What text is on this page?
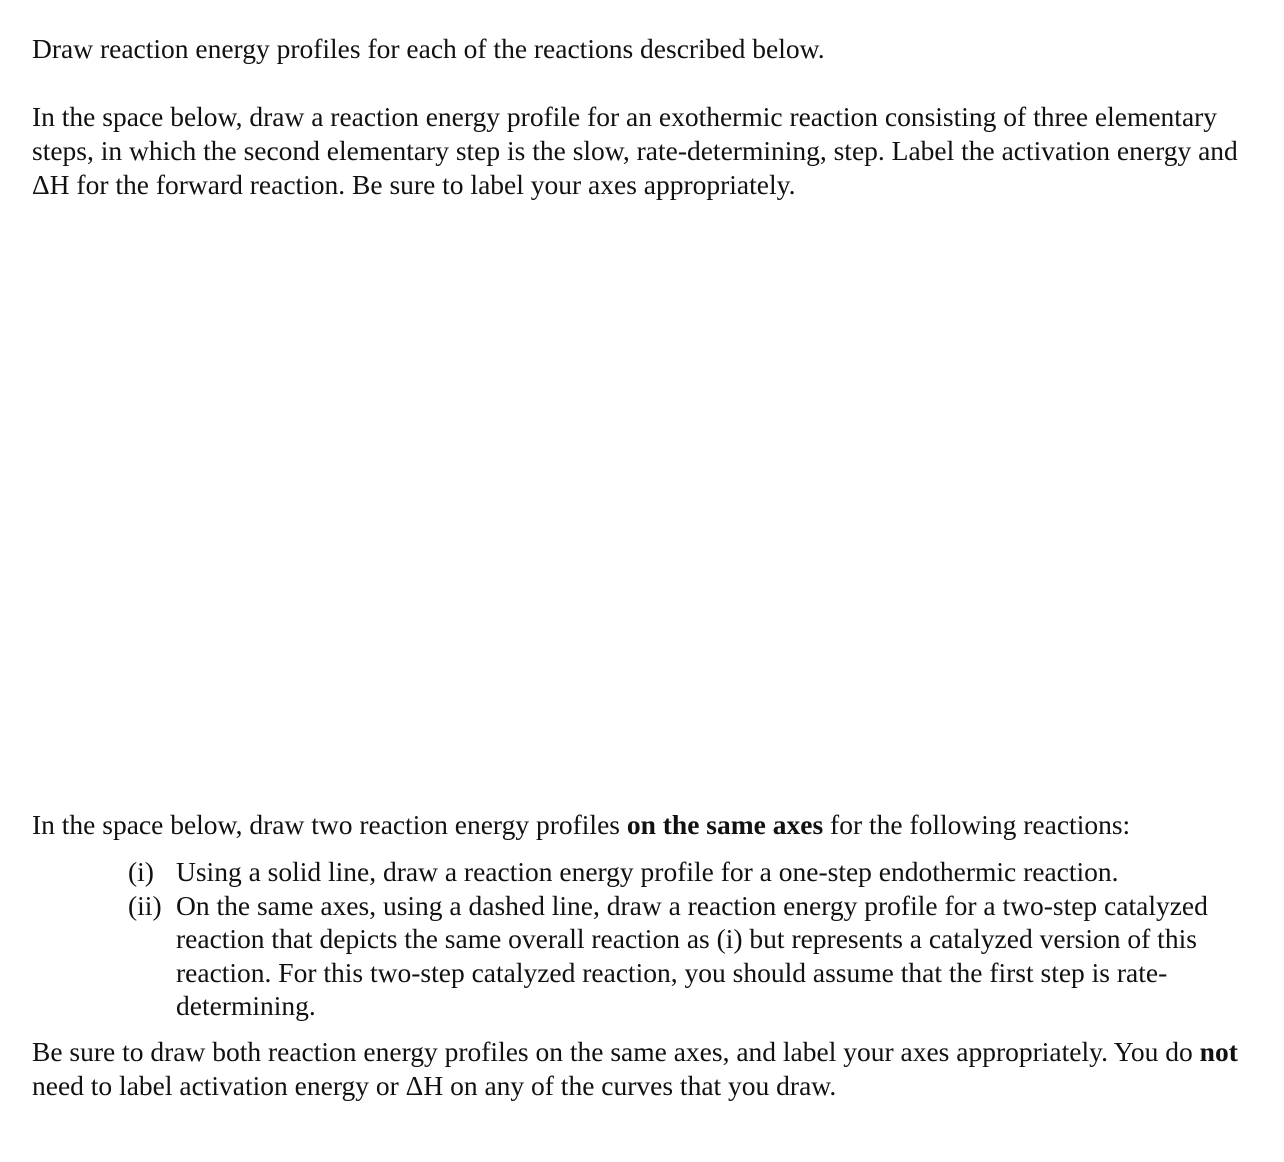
Draw reaction energy profiles for each of the reactions described below.

In the space below, draw a reaction energy profile for an exothermic reaction consisting of three elementary steps, in which the second elementary step is the slow, rate-determining, step. Label the activation energy and ΔH for the forward reaction. Be sure to label your axes appropriately.

In the space below, draw two reaction energy profiles on the same axes for the following reactions:

(i) Using a solid line, draw a reaction energy profile for a one-step endothermic reaction.
(ii) On the same axes, using a dashed line, draw a reaction energy profile for a two-step catalyzed reaction that depicts the same overall reaction as (i) but represents a catalyzed version of this reaction. For this two-step catalyzed reaction, you should assume that the first step is rate-determining.

Be sure to draw both reaction energy profiles on the same axes, and label your axes appropriately. You do not need to label activation energy or ΔH on any of the curves that you draw.
